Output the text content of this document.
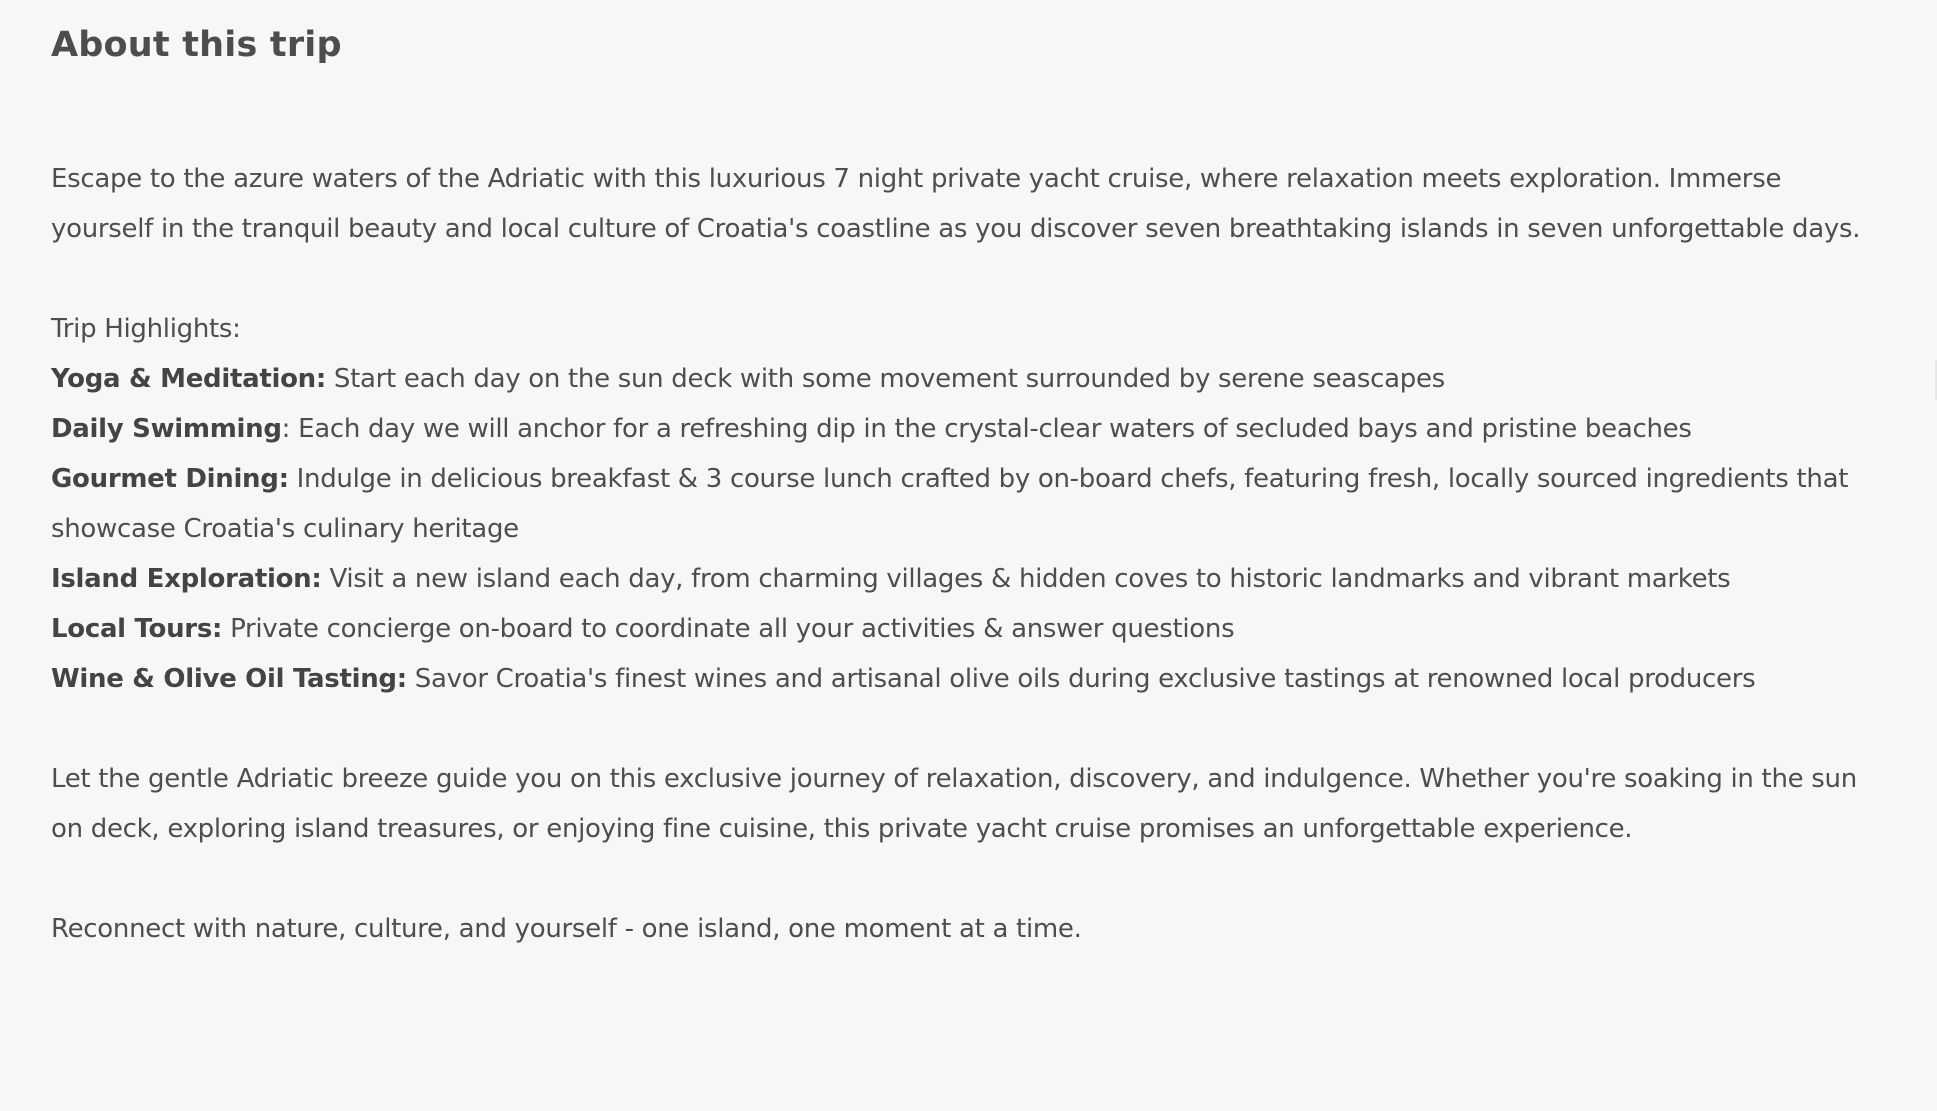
About this trip

Escape to the azure waters of the Adriatic with this luxurious 7 night private yacht cruise, where relaxation meets exploration. Immerse yourself in the tranquil beauty and local culture of Croatia's coastline as you discover seven breathtaking islands in seven unforgettable days.

Trip Highlights:

Yoga & Meditation: Start each day on the sun deck with some movement surrounded by serene seascapes

Daily Swimming: Each day we will anchor for a refreshing dip in the crystal-clear waters of secluded bays and pristine beaches

Gourmet Dining: Indulge in delicious breakfast & 3 course lunch crafted by on-board chefs, featuring fresh, locally sourced ingredients that showcase Croatia's culinary heritage

Island Exploration: Visit a new island each day, from charming villages & hidden coves to historic landmarks and vibrant markets

Local Tours: Private concierge on-board to coordinate all your activities & answer questions

Wine & Olive Oil Tasting: Savor Croatia's finest wines and artisanal olive oils during exclusive tastings at renowned local producers

Let the gentle Adriatic breeze guide you on this exclusive journey of relaxation, discovery, and indulgence. Whether you're soaking in the sun on deck, exploring island treasures, or enjoying fine cuisine, this private yacht cruise promises an unforgettable experience.

Reconnect with nature, culture, and yourself - one island, one moment at a time.
